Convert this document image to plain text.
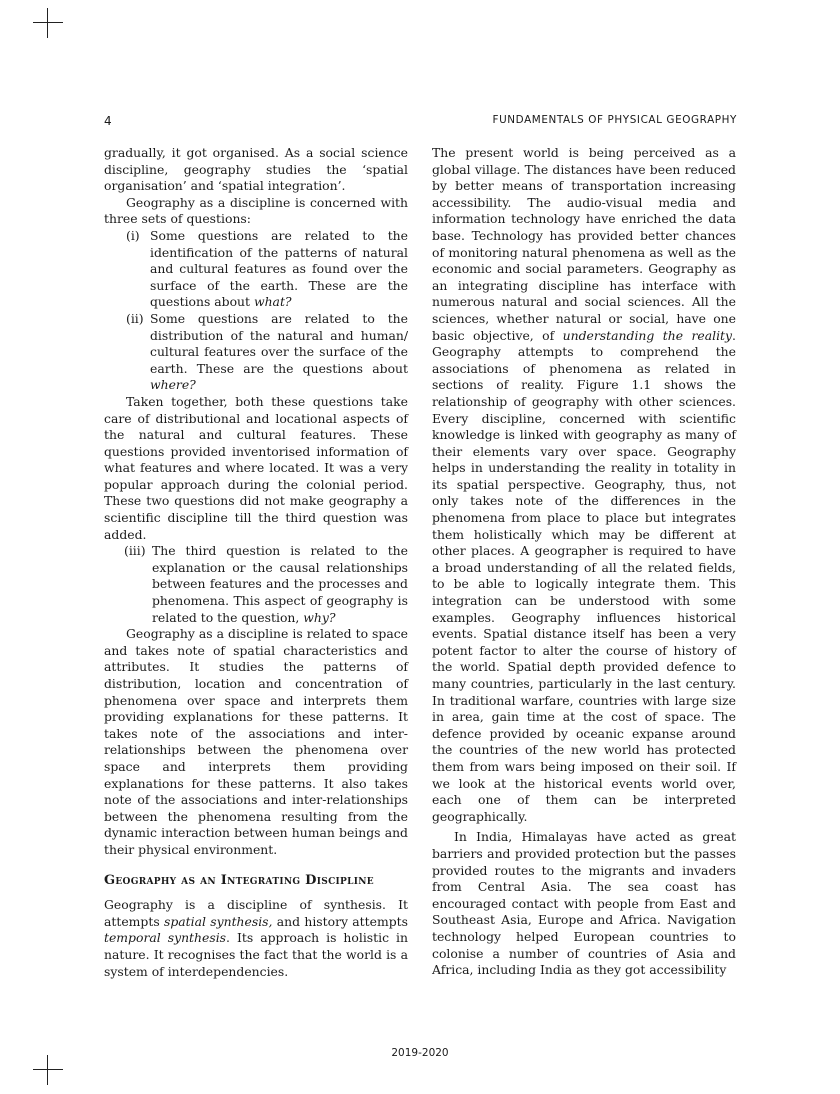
4	FUNDAMENTALS OF PHYSICAL GEOGRAPHY

gradually, it got organised. As a social science discipline, geography studies the ‘spatial organisation’ and ‘spatial integration’.

Geography as a discipline is concerned with three sets of questions:

(i) Some questions are related to the identification of the patterns of natural and cultural features as found over the surface of the earth. These are the questions about what?
(ii) Some questions are related to the distribution of the natural and human/ cultural features over the surface of the earth. These are the questions about where?

Taken together, both these questions take care of distributional and locational aspects of the natural and cultural features. These questions provided inventorised information of what features and where located. It was a very popular approach during the colonial period. These two questions did not make geography a scientific discipline till the third question was added.

(iii) The third question is related to the explanation or the causal relationships between features and the processes and phenomena. This aspect of geography is related to the question, why?

Geography as a discipline is related to space and takes note of spatial characteristics and attributes. It studies the patterns of distribution, location and concentration of phenomena over space and interprets them providing explanations for these patterns. It takes note of the associations and inter-relationships between the phenomena over space and interprets them providing explanations for these patterns. It also takes note of the associations and inter-relationships between the phenomena resulting from the dynamic interaction between human beings and their physical environment.

Geography as an Integrating Discipline

Geography is a discipline of synthesis. It attempts spatial synthesis, and history attempts temporal synthesis. Its approach is holistic in nature. It recognises the fact that the world is a system of interdependencies.

The present world is being perceived as a global village. The distances have been reduced by better means of transportation increasing accessibility. The audio-visual media and information technology have enriched the data base. Technology has provided better chances of monitoring natural phenomena as well as the economic and social parameters. Geography as an integrating discipline has interface with numerous natural and social sciences. All the sciences, whether natural or social, have one basic objective, of understanding the reality. Geography attempts to comprehend the associations of phenomena as related in sections of reality. Figure 1.1 shows the relationship of geography with other sciences. Every discipline, concerned with scientific knowledge is linked with geography as many of their elements vary over space. Geography helps in understanding the reality in totality in its spatial perspective. Geography, thus, not only takes note of the differences in the phenomena from place to place but integrates them holistically which may be different at other places. A geographer is required to have a broad understanding of all the related fields, to be able to logically integrate them. This integration can be understood with some examples. Geography influences historical events. Spatial distance itself has been a very potent factor to alter the course of history of the world. Spatial depth provided defence to many countries, particularly in the last century. In traditional warfare, countries with large size in area, gain time at the cost of space. The defence provided by oceanic expanse around the countries of the new world has protected them from wars being imposed on their soil. If we look at the historical events world over, each one of them can be interpreted geographically.

In India, Himalayas have acted as great barriers and provided protection but the passes provided routes to the migrants and invaders from Central Asia. The sea coast has encouraged contact with people from East and Southeast Asia, Europe and Africa. Navigation technology helped European countries to colonise a number of countries of Asia and Africa, including India as they got accessibility

2019-2020
